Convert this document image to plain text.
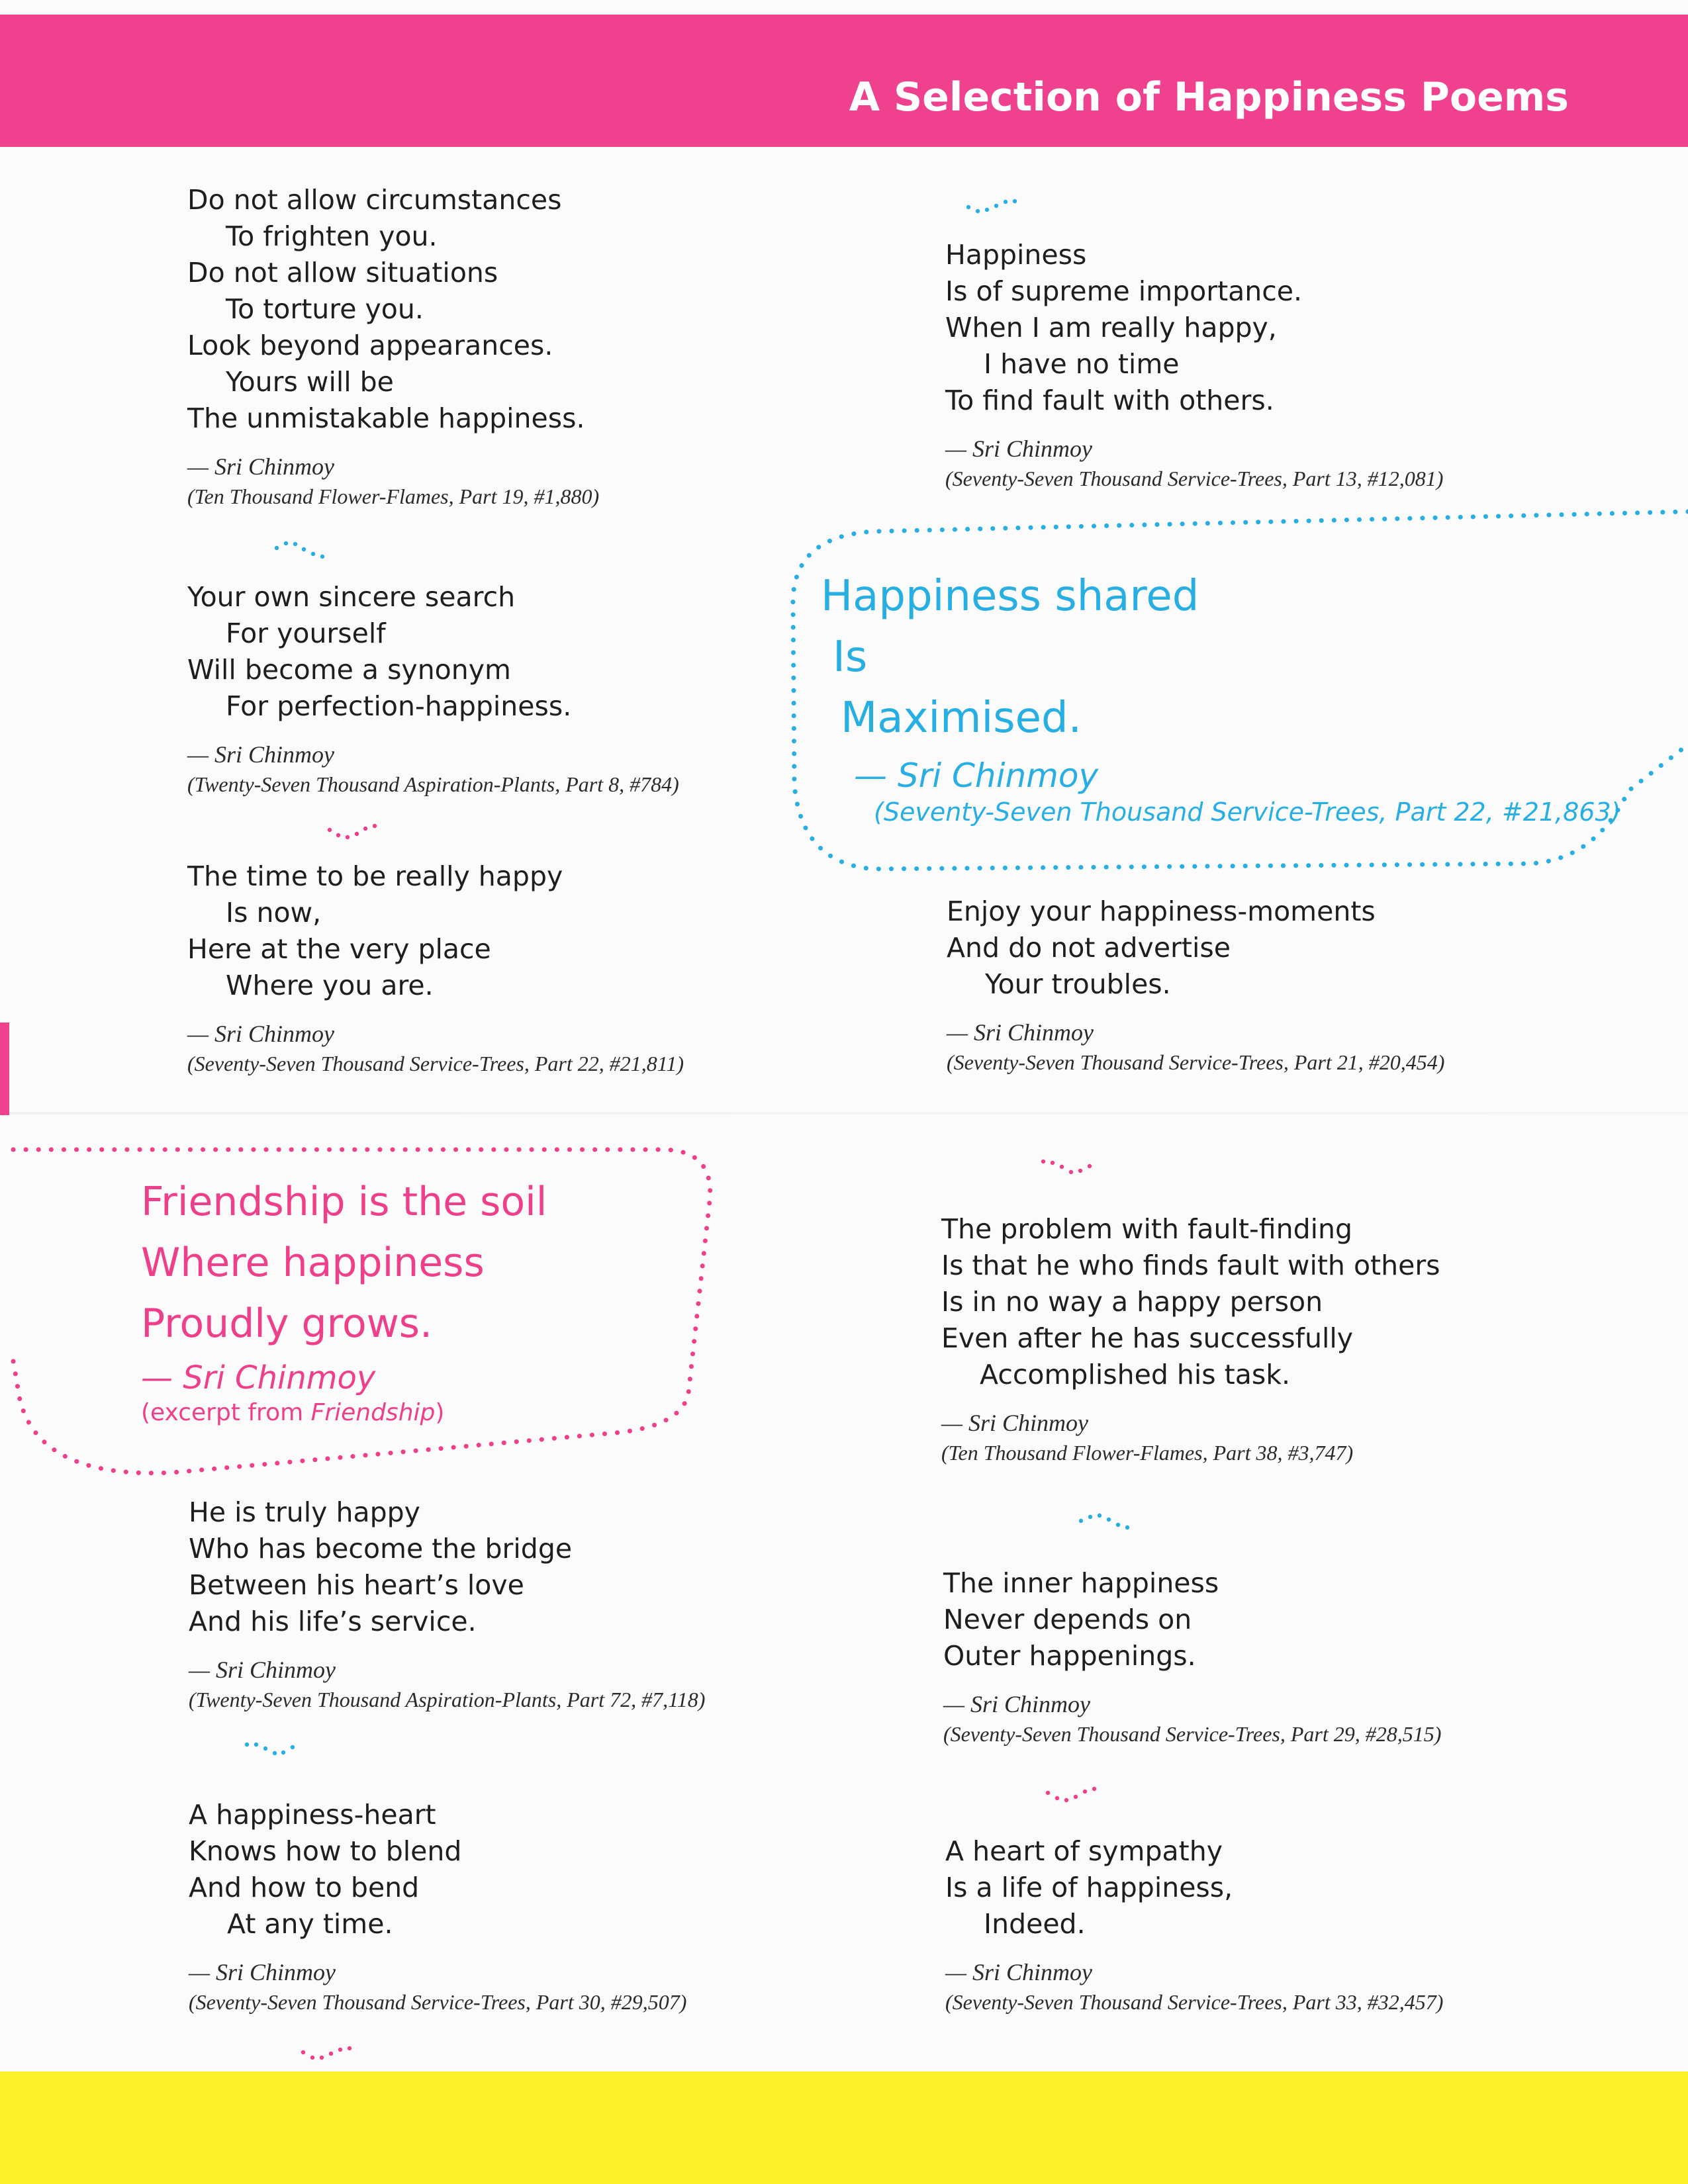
A Selection of Happiness Poems
Do not allow circumstances
To frighten you.
Do not allow situations
To torture you.
Look beyond appearances.
Yours will be
The unmistakable happiness.
— Sri Chinmoy
(Ten Thousand Flower-Flames, Part 19, #1,880)
Your own sincere search
For yourself
Will become a synonym
For perfection-happiness.
— Sri Chinmoy
(Twenty-Seven Thousand Aspiration-Plants, Part 8, #784)
The time to be really happy
Is now,
Here at the very place
Where you are.
— Sri Chinmoy
(Seventy-Seven Thousand Service-Trees, Part 22, #21,811)
Friendship is the soil
Where happiness
Proudly grows.
— Sri Chinmoy
(excerpt from Friendship)
He is truly happy
Who has become the bridge
Between his heart’s love
And his life’s service.
— Sri Chinmoy
(Twenty-Seven Thousand Aspiration-Plants, Part 72, #7,118)
A happiness-heart
Knows how to blend
And how to bend
At any time.
— Sri Chinmoy
(Seventy-Seven Thousand Service-Trees, Part 30, #29,507)
Happiness
Is of supreme importance.
When I am really happy,
I have no time
To find fault with others.
— Sri Chinmoy
(Seventy-Seven Thousand Service-Trees, Part 13, #12,081)
Happiness shared
Is
Maximised.
— Sri Chinmoy
(Seventy-Seven Thousand Service-Trees, Part 22, #21,863)
Enjoy your happiness-moments
And do not advertise
Your troubles.
— Sri Chinmoy
(Seventy-Seven Thousand Service-Trees, Part 21, #20,454)
The problem with fault-finding
Is that he who finds fault with others
Is in no way a happy person
Even after he has successfully
Accomplished his task.
— Sri Chinmoy
(Ten Thousand Flower-Flames, Part 38, #3,747)
The inner happiness
Never depends on
Outer happenings.
— Sri Chinmoy
(Seventy-Seven Thousand Service-Trees, Part 29, #28,515)
A heart of sympathy
Is a life of happiness,
Indeed.
— Sri Chinmoy
(Seventy-Seven Thousand Service-Trees, Part 33, #32,457)
